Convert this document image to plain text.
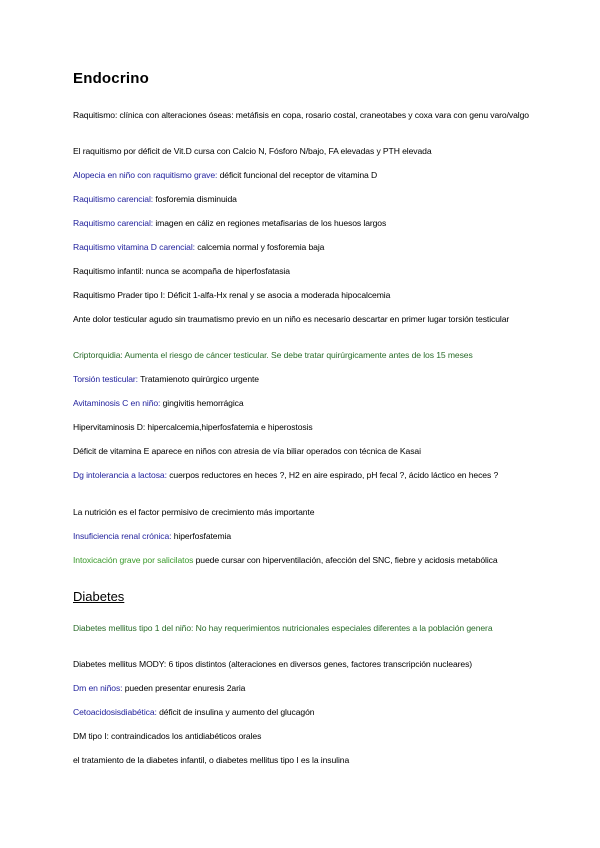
Endocrino
Raquitismo: clínica con alteraciones óseas: metáfisis en copa, rosario costal, craneotabes y coxa vara con genu varo/valgo
El raquitismo por déficit de Vit.D cursa con Calcio N, Fósforo N/bajo, FA elevadas y PTH elevada
Alopecia en niño con raquitismo grave: déficit funcional del receptor de vitamina D
Raquitismo carencial: fosforemia disminuida
Raquitismo carencial: imagen en cáliz en regiones metafisarias de los huesos largos
Raquitismo vitamina D carencial: calcemia normal y fosforemia baja
Raquitismo infantil: nunca se acompaña de hiperfosfatasia
Raquitismo Prader tipo I: Déficit 1-alfa-Hx renal y se asocia a moderada hipocalcemia
Ante dolor testicular agudo sin traumatismo previo en un niño es necesario descartar en primer lugar torsión testicular
Criptorquidia: Aumenta el riesgo de cáncer testicular. Se debe tratar quirúrgicamente antes de los 15 meses
Torsión testicular: Tratamienoto quirúrgico urgente
Avitaminosis C en niño: gingivitis hemorrágica
Hipervitaminosis D: hipercalcemia,hiperfosfatemia e hiperostosis
Déficit de vitamina E aparece en niños con atresia de vía biliar operados con técnica de Kasai
Dg intolerancia a lactosa: cuerpos reductores en heces ?, H2 en aire espirado, pH fecal ?, ácido láctico en heces ?
La nutrición es el factor permisivo de crecimiento más importante
Insuficiencia renal crónica: hiperfosfatemia
Intoxicación grave por salicilatos puede cursar con hiperventilación, afección del SNC, fiebre y acidosis metabólica
Diabetes
Diabetes mellitus tipo 1 del niño: No hay requerimientos nutricionales especiales diferentes a la población genera
Diabetes mellitus MODY: 6 tipos distintos (alteraciones en diversos genes, factores transcripción nucleares)
Dm en niños: pueden presentar enuresis 2aria
Cetoacidosisdiabética: déficit de insulina y aumento del glucagón
DM tipo I: contraindicados los antidiabéticos orales
el tratamiento de la diabetes infantil, o diabetes mellitus tipo I es la insulina
